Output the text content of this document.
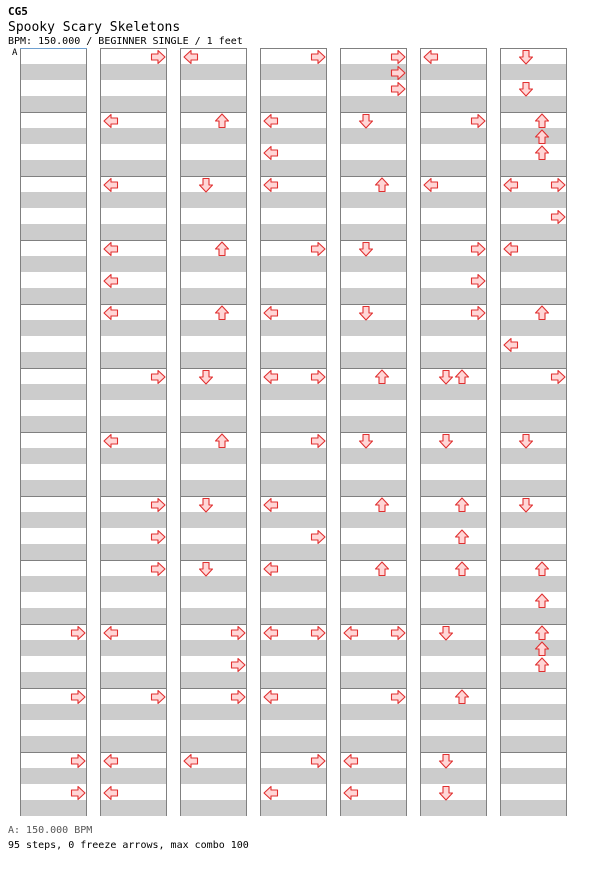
CG5
Spooky Scary Skeletons
BPM: 150.000 / BEGINNER SINGLE / 1 feet
A
A: 150.000 BPM
95 steps, 0 freeze arrows, max combo 100
